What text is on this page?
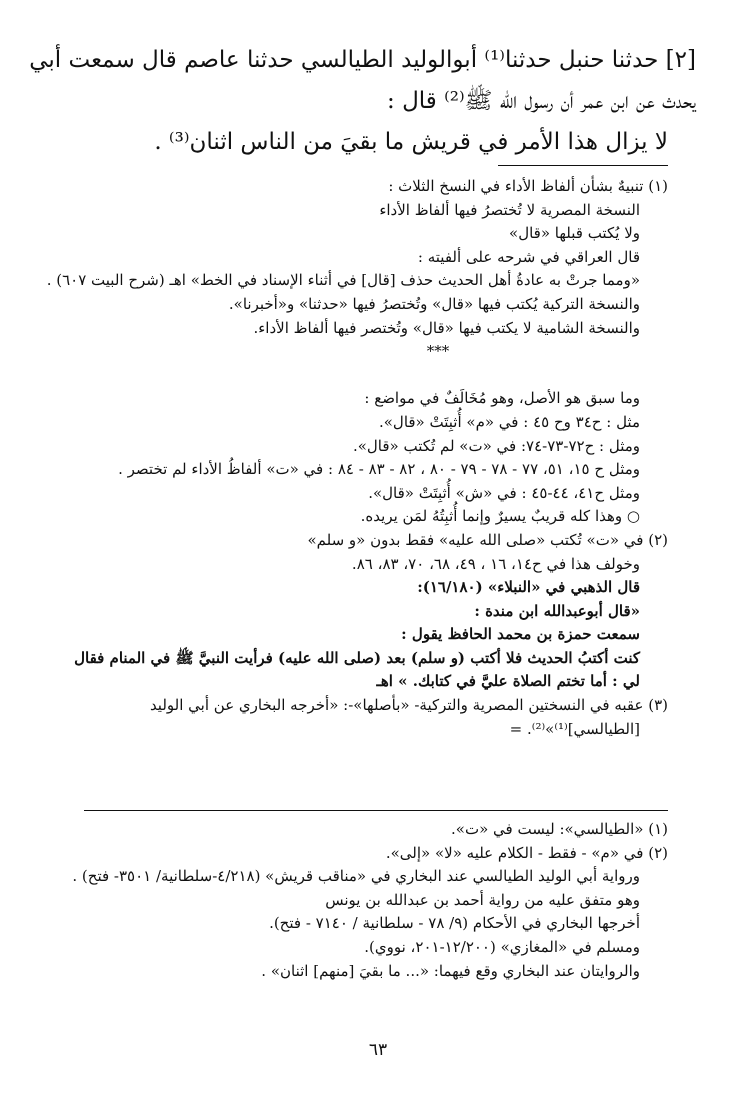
[٢] حدثنا حنبل حدثنا⁽¹⁾ أبوالوليد الطيالسي حدثنا عاصم قال سمعت أبي
يحدث عن ابن عمر أن رسول الله ﷺ⁽²⁾ قال :
لا يزال هذا الأمر في قريش ما بقيَ من الناس اثنان⁽³⁾ .
(١) تنبيهٌ بشأن ألفاظ الأداء في النسخ الثلاث :
النسخة المصرية لا تُختصرُ فيها ألفاظ الأداء
ولا يُكتب قبلها «قال»
قال العراقي في شرحه على ألفيته :
«ومما جرتْ به عادةُ أهل الحديث حذف [قال] في أثناء الإسناد في الخط» اهـ (شرح البيت ٦٠٧) .
والنسخة التركية يُكتب فيها «قال» وتُختصرُ فيها «حدثنا» و«أخبرنا».
والنسخة الشامية لا يكتب فيها «قال» وتُختصر فيها ألفاظ الأداء.
***
وما سبق هو الأصل، وهو مُخَالَفٌ في مواضع :
مثل : ح٣٤ وح ٤٥ : في «م» أُثبِتَتْ «قال».
ومثل : ح٧٢-٧٣-٧٤: في «ت» لم تُكتب «قال».
ومثل ح ١٥، ٥١، ٧٧ - ٧٨ - ٧٩ - ٨٠ ، ٨٢ - ٨٣ - ٨٤ : في «ت» ألفاظُ الأداء لم تختصر .
ومثل ح٤١، ٤٤-٤٥ : في «ش» أُثبِتَتْ «قال».
○ وهذا كله قريبٌ يسيرٌ وإنما أُثبِتُهُ لمَن يريده.
(٢) في «ت» تُكتب «صلى الله عليه» فقط بدون «و سلم»
وخولف هذا في ح١٤، ١٦ ، ٤٩، ٦٨، ٧٠، ٨٣، ٨٦.
قال الذهبي في «النبلاء» (١٦/١٨٠):
«قال أبوعبدالله ابن مندة :
سمعت حمزة بن محمد الحافظ يقول :
كنت أكتبُ الحديث فلا أكتب (و سلم) بعد (صلى الله عليه) فرأيت النبيَّ ﷺ في المنام فقال
لي : أما تختم الصلاة عليَّ في كتابك. » اهـ
(٣) عقبه في النسختين المصرية والتركية- «بأصلها»-: «أخرجه البخاري عن أبي الوليد
[الطيالسي]⁽¹⁾»⁽²⁾. =
(١) «الطيالسي»: ليست في «ت».
(٢) في «م» - فقط - الكلام عليه «لا» «إلى».
ورواية أبي الوليد الطيالسي عند البخاري في «مناقب قريش» (٤/٢١٨-سلطانية/ ٣٥٠١- فتح) .
وهو متفق عليه من رواية أحمد بن عبدالله بن يونس
أخرجها البخاري في الأحكام (٩/ ٧٨ - سلطانية / ٧١٤٠ - فتح).
ومسلم في «المغازي» (١٢/٢٠٠-٢٠١، نووي).
والروايتان عند البخاري وقع فيهما: «... ما بقيَ [منهم] اثنان» .
٦٣
